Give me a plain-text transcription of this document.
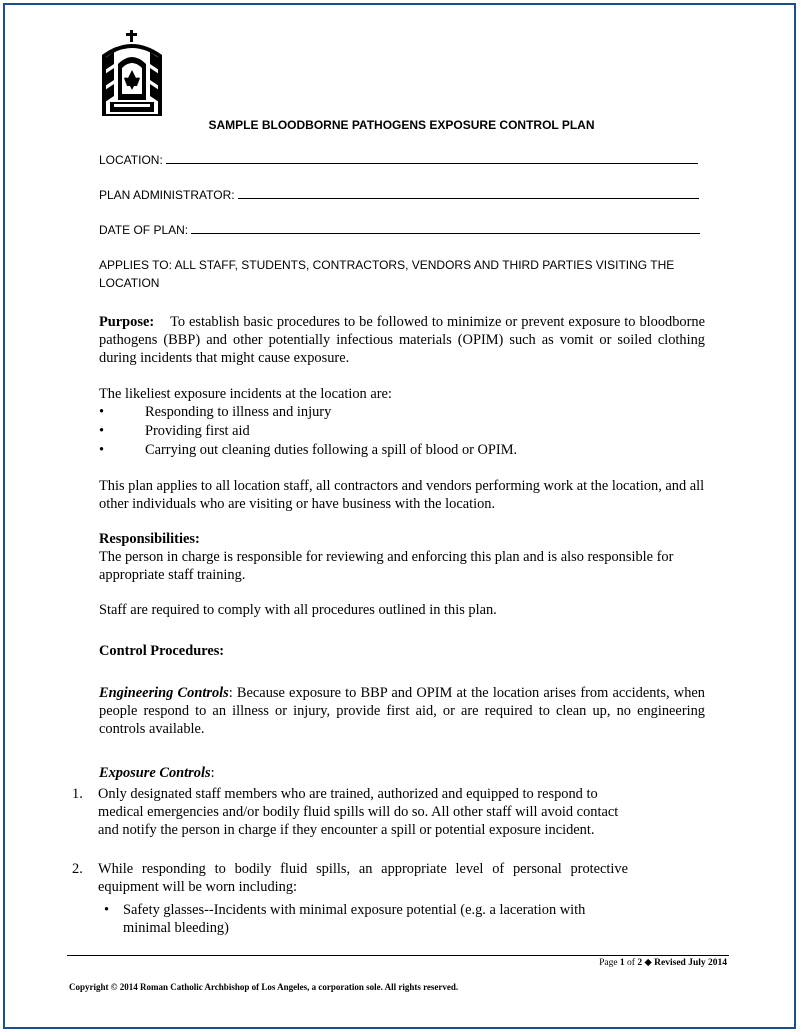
SAMPLE BLOODBORNE PATHOGENS EXPOSURE CONTROL PLAN
LOCATION:
PLAN ADMINISTRATOR:
DATE OF PLAN:
APPLIES TO: ALL STAFF, STUDENTS, CONTRACTORS, VENDORS AND THIRD PARTIES VISITING THE LOCATION
Purpose: To establish basic procedures to be followed to minimize or prevent exposure to bloodborne pathogens (BBP) and other potentially infectious materials (OPIM) such as vomit or soiled clothing during incidents that might cause exposure.
The likeliest exposure incidents at the location are:
•	Responding to illness and injury
•	Providing first aid
•	Carrying out cleaning duties following a spill of blood or OPIM.
This plan applies to all location staff, all contractors and vendors performing work at the location, and all other individuals who are visiting or have business with the location.
Responsibilities:
The person in charge is responsible for reviewing and enforcing this plan and is also responsible for appropriate staff training.
Staff are required to comply with all procedures outlined in this plan.
Control Procedures:
Engineering Controls: Because exposure to BBP and OPIM at the location arises from accidents, when people respond to an illness or injury, provide first aid, or are required to clean up, no engineering controls available.
Exposure Controls:
1. Only designated staff members who are trained, authorized and equipped to respond to medical emergencies and/or bodily fluid spills will do so. All other staff will avoid contact and notify the person in charge if they encounter a spill or potential exposure incident.
2. While responding to bodily fluid spills, an appropriate level of personal protective equipment will be worn including:
• Safety glasses--Incidents with minimal exposure potential (e.g. a laceration with minimal bleeding)
Page 1 of 2 ◆ Revised July 2014
Copyright © 2014 Roman Catholic Archbishop of Los Angeles, a corporation sole. All rights reserved.
